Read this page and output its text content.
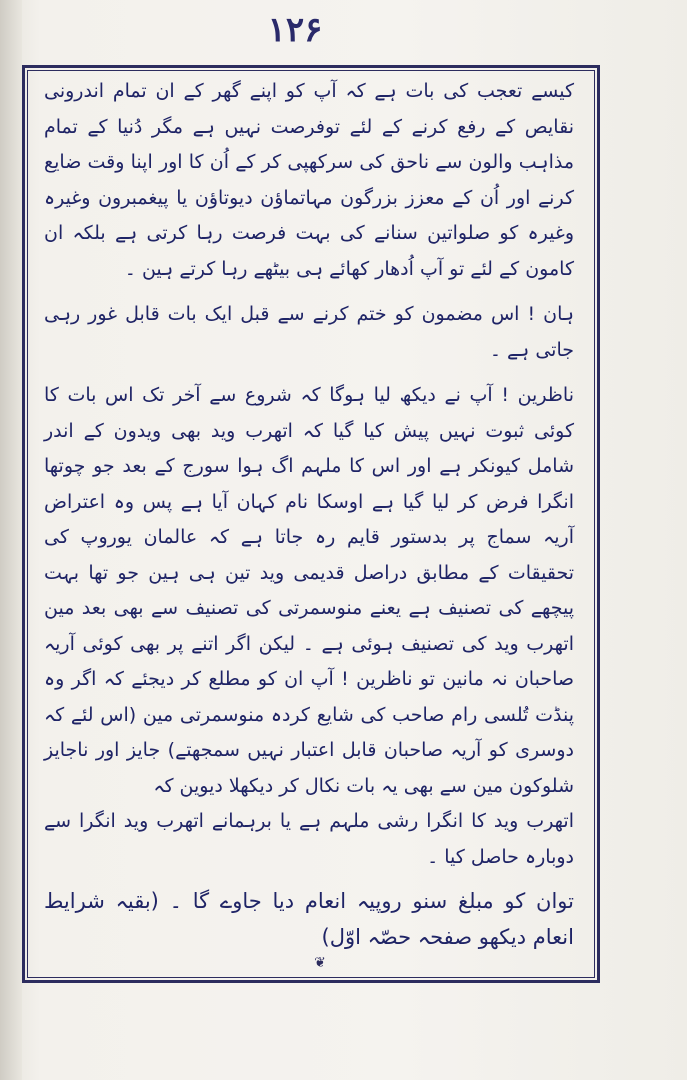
۱۲۶

کیسے تعجب کی بات ہے کہ آپ کو اپنے گھر کے ان تمام اندرونی نقایص کے رفع کرنے کے لئے توفرصت نہیں ہے مگر دُنیا کے تمام مذاہب والون سے ناحق کی سرکھپی کر کے اُن کا اور اپنا وقت ضایع کرنے اور اُن کے معزز بزرگون مہاتماؤن دیوتاؤن یا پیغمبرون وغیرہ وغیرہ کو صلواتین سنانے کی بہت فرصت رہا کرتی ہے بلکہ ان کامون کے لئے تو آپ اُدھار کھائے ہی بیٹھے رہا کرتے ہین ۔

ہان ! اس مضمون کو ختم کرنے سے قبل ایک بات قابل غور رہی جاتی ہے ۔

ناظرین ! آپ نے دیکھ لیا ہوگا کہ شروع سے آخر تک اس بات کا کوئی ثبوت نہیں پیش کیا گیا کہ اتھرب وید بھی ویدون کے اندر شامل کیونکر ہے اور اس کا ملہم اگ ہوا سورج کے بعد جو چوتھا انگرا فرض کر لیا گیا ہے اوسکا نام کہان آیا ہے پس وہ اعتراض آریہ سماج پر بدستور قایم رہ جاتا ہے کہ عالمان یوروپ کی تحقیقات کے مطابق دراصل قدیمی وید تین ہی ہین جو تھا بہت پیچھے کی تصنیف ہے یعنے منوسمرتی کی تصنیف سے بھی بعد مین اتھرب وید کی تصنیف ہوئی ہے ۔ لیکن اگر اتنے پر بھی کوئی آریہ صاحبان نہ مانین تو ناظرین ! آپ ان کو مطلع کر دیجئے کہ اگر وہ پنڈت تُلسی رام صاحب کی شایع کردہ منوسمرتی مین (اس لئے کہ دوسری کو آریہ صاحبان قابل اعتبار نہیں سمجھتے) جایز اور ناجایز شلوکون مین سے بھی یہ بات نکال کر دیکھلا دیوین کہ

اتھرب وید کا انگرا رشی ملہم ہے یا برہمانے اتھرب وید انگرا سے دوبارہ حاصل کیا ۔

توان کو مبلغ سنو روپیہ انعام دیا جاوے گا ۔ (بقیہ شرایط انعام دیکھو صفحہ حصّہ اوّل)

❦
